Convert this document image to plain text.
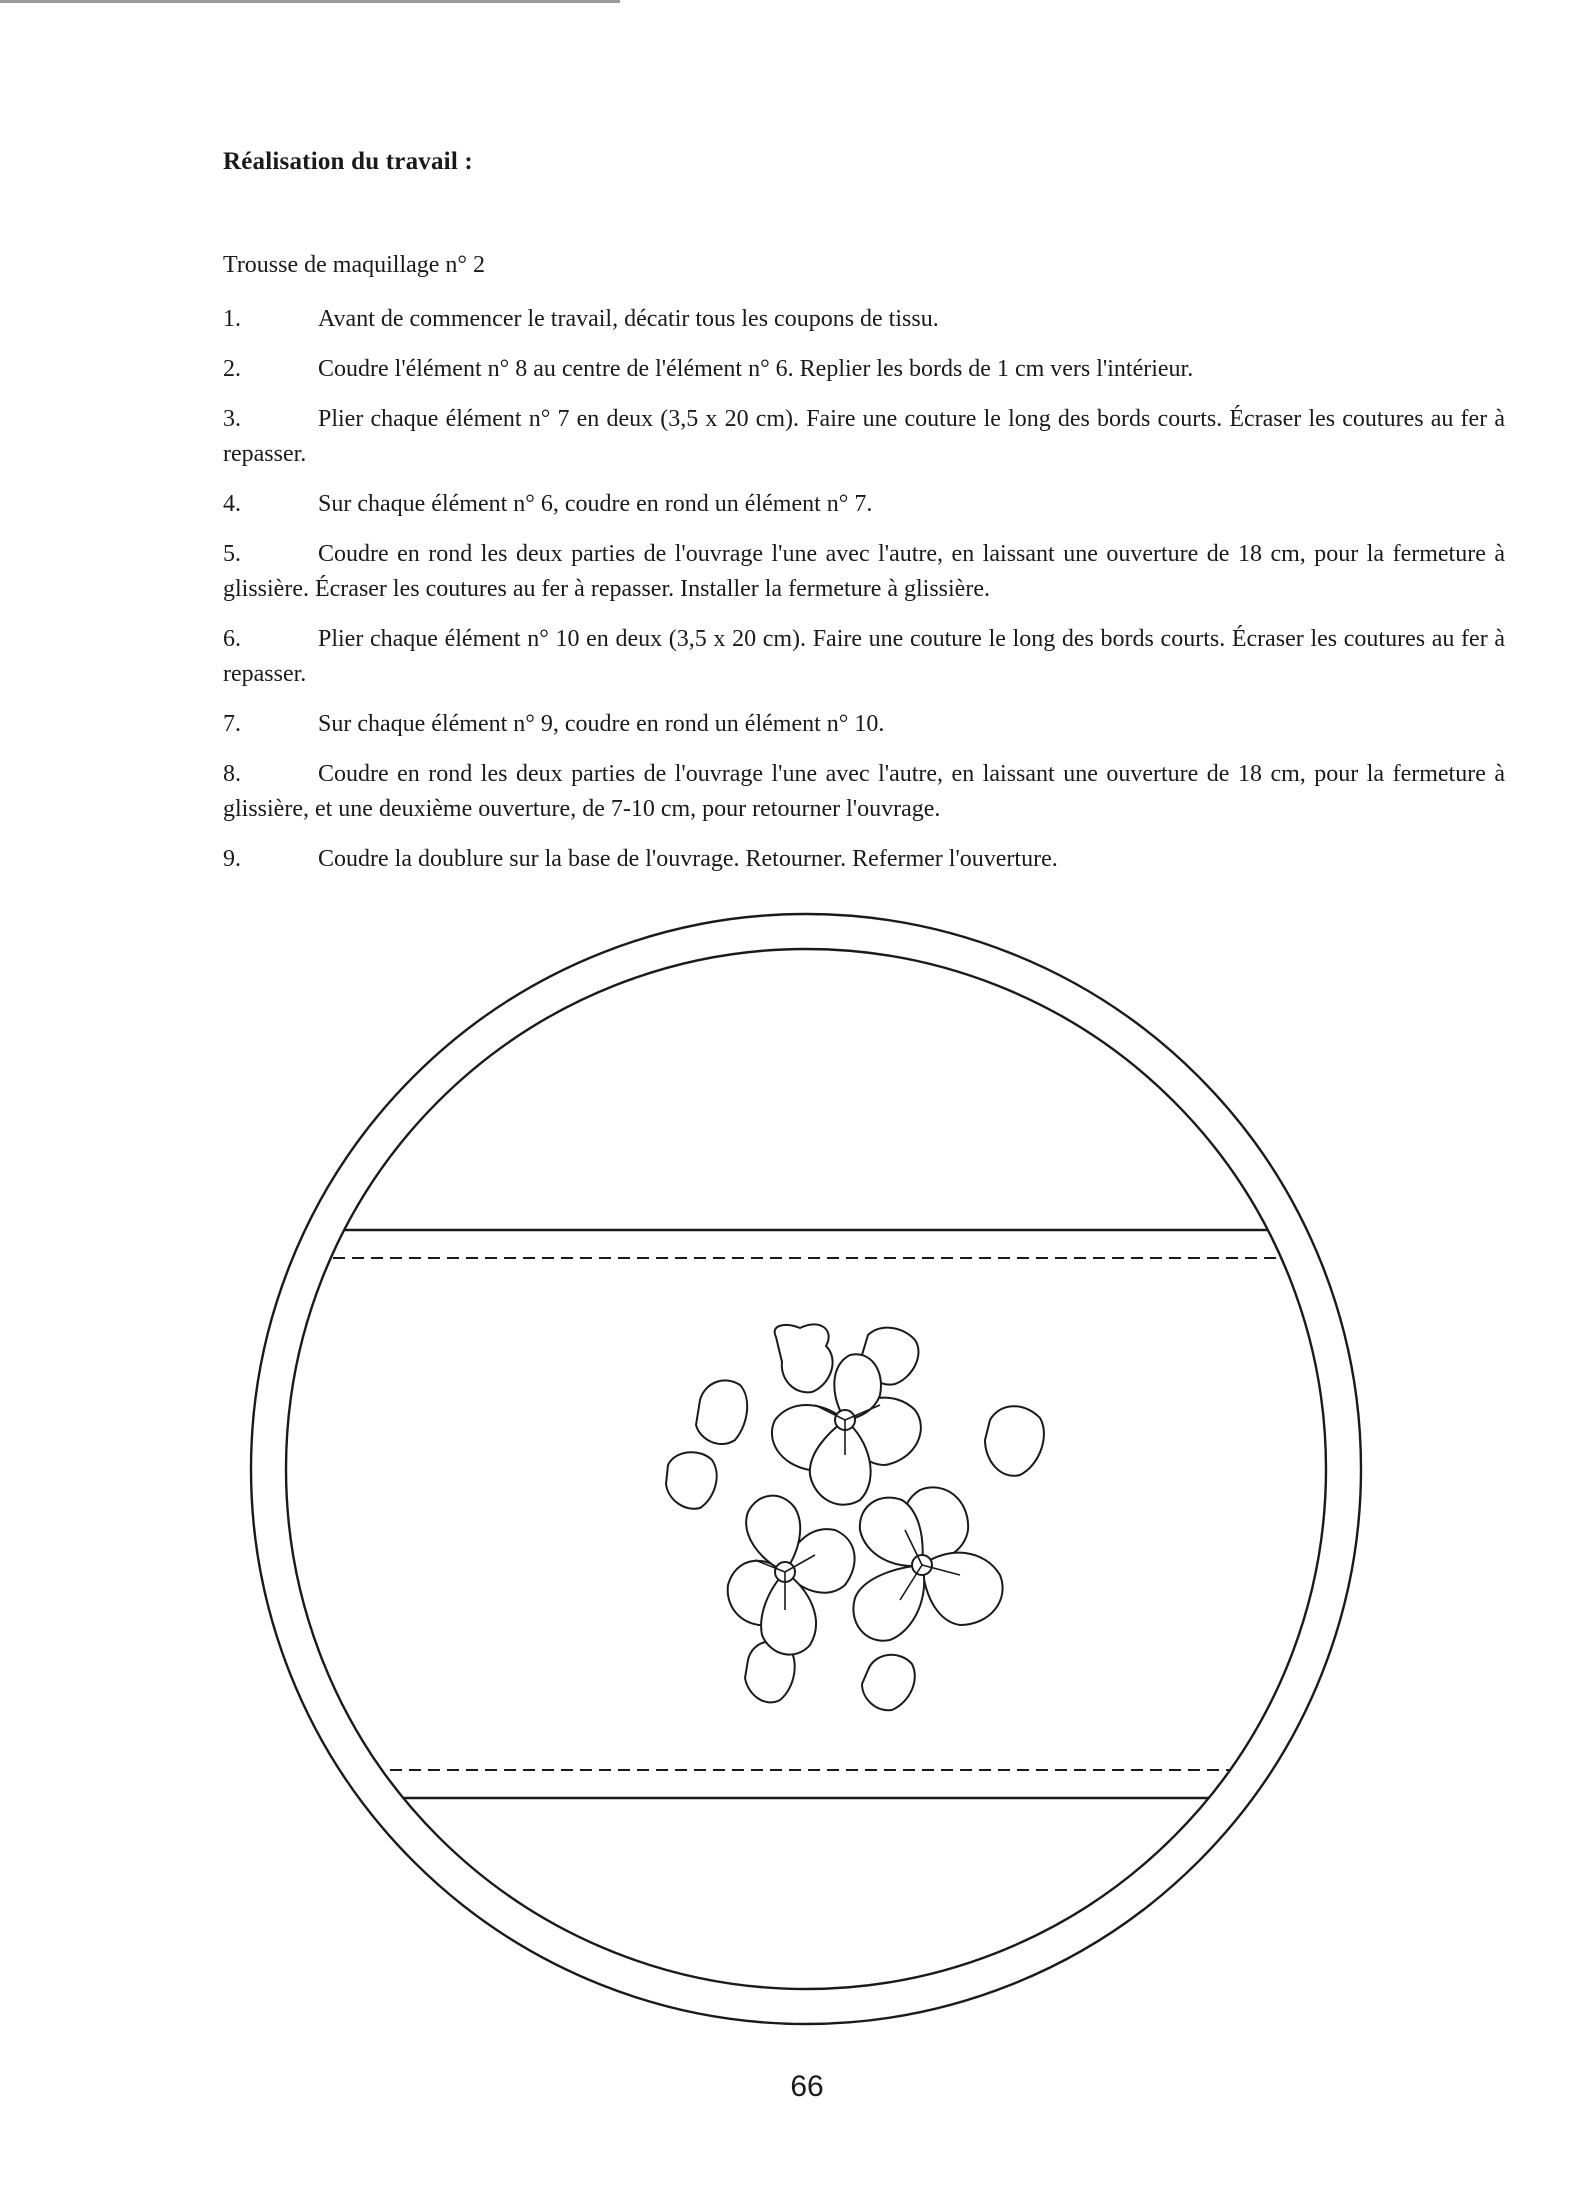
Réalisation du travail :
Trousse de maquillage n° 2

1.	Avant de commencer le travail, décatir tous les coupons de tissu.

2.	Coudre l'élément n° 8 au centre de l'élément n° 6. Replier les bords de 1 cm vers l'intérieur.

3.	Plier chaque élément n° 7 en deux (3,5 x 20 cm). Faire une couture le long des bords courts. Écraser les coutures au fer à repasser.

4.	Sur chaque élément n° 6, coudre en rond un élément n° 7.

5.	Coudre en rond les deux parties de l'ouvrage l'une avec l'autre, en laissant une ouverture de 18 cm, pour la fermeture à glissière. Écraser les coutures au fer à repasser. Installer la fermeture à glissière.

6.	Plier chaque élément n° 10 en deux (3,5 x 20 cm). Faire une couture le long des bords courts. Écraser les coutures au fer à repasser.

7.	Sur chaque élément n° 9, coudre en rond un élément n° 10.

8.	Coudre en rond les deux parties de l'ouvrage l'une avec l'autre, en laissant une ouverture de 18 cm, pour la fermeture à glissière, et une deuxième ouverture, de 7-10 cm, pour retourner l'ouvrage.

9.	Coudre la doublure sur la base de l'ouvrage. Retourner. Refermer l'ouverture.

66
